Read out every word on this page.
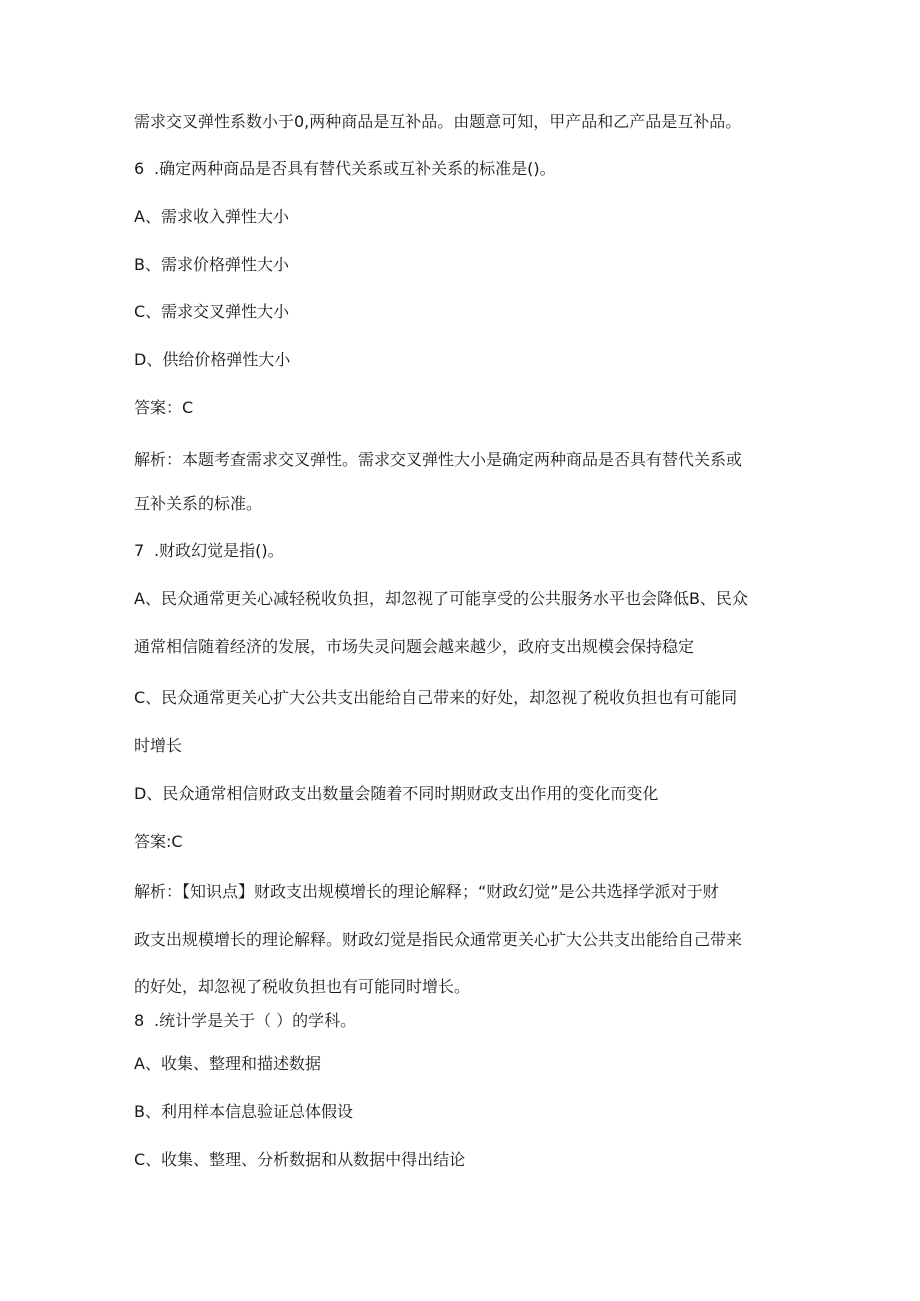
需求交叉弹性系数小于0,两种商品是互补品。由题意可知，甲产品和乙产品是互补品。
6 .确定两种商品是否具有替代关系或互补关系的标准是()。
A、需求收入弹性大小
B、需求价格弹性大小
C、需求交叉弹性大小
D、供给价格弹性大小
答案：C
解析：本题考查需求交叉弹性。需求交叉弹性大小是确定两种商品是否具有替代关系或
互补关系的标准。
7 .财政幻觉是指()。
A、民众通常更关心减轻税收负担，却忽视了可能享受的公共服务水平也会降低B、民众
通常相信随着经济的发展，市场失灵问题会越来越少，政府支出规模会保持稳定
C、民众通常更关心扩大公共支出能给自己带来的好处，却忽视了税收负担也有可能同
时增长
D、民众通常相信财政支出数量会随着不同时期财政支出作用的变化而变化
答案:C
解析：【知识点】财政支出规模增长的理论解释；“财政幻觉”是公共选择学派对于财
政支出规模增长的理论解释。财政幻觉是指民众通常更关心扩大公共支出能给自己带来
的好处，却忽视了税收负担也有可能同时增长。
8 .统计学是关于（ ）的学科。
A、收集、整理和描述数据
B、利用样本信息验证总体假设
C、收集、整理、分析数据和从数据中得出结论
